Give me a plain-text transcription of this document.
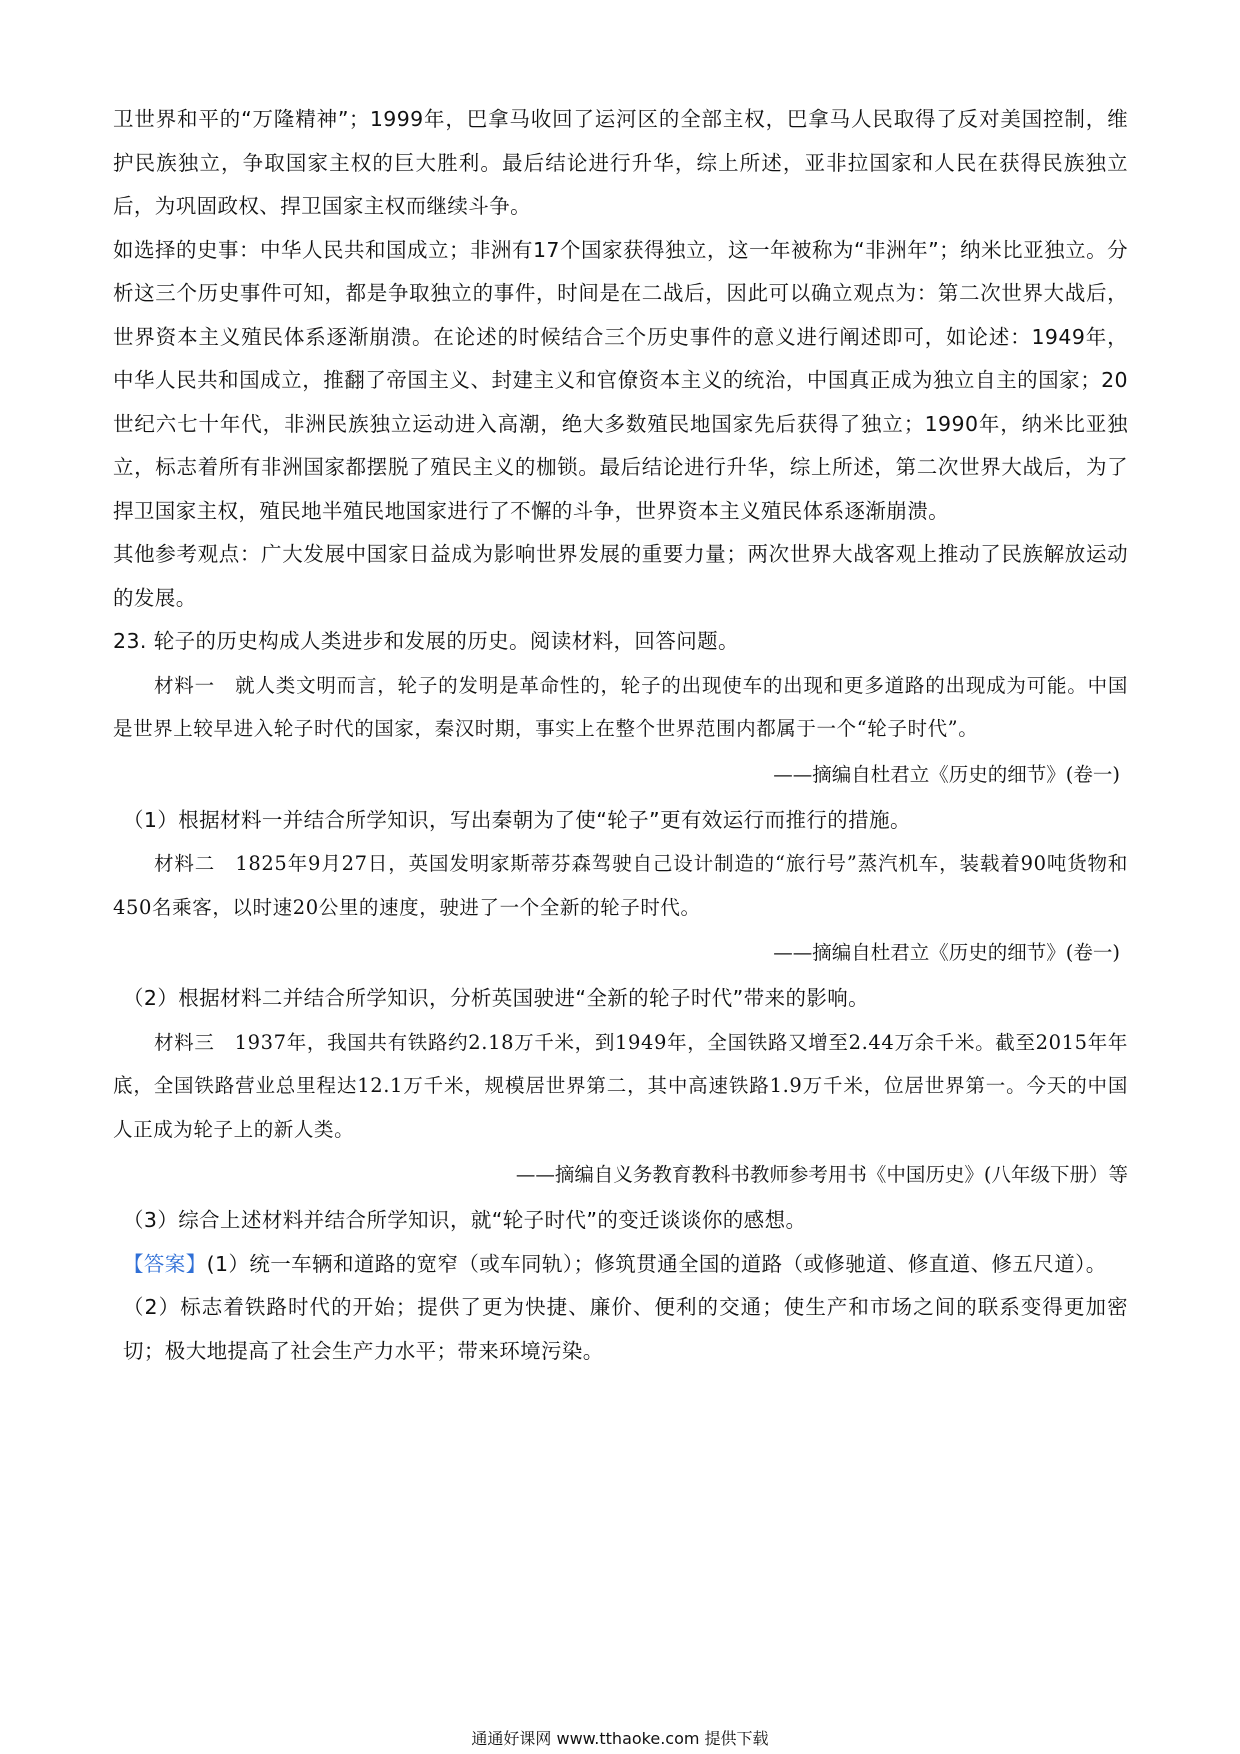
卫世界和平的“万隆精神”；1999年，巴拿马收回了运河区的全部主权，巴拿马人民取得了反对美国控制，维护民族独立，争取国家主权的巨大胜利。最后结论进行升华，综上所述，亚非拉国家和人民在获得民族独立后，为巩固政权、捍卫国家主权而继续斗争。

如选择的史事：中华人民共和国成立；非洲有17个国家获得独立，这一年被称为“非洲年”；纳米比亚独立。分析这三个历史事件可知，都是争取独立的事件，时间是在二战后，因此可以确立观点为：第二次世界大战后，世界资本主义殖民体系逐渐崩溃。在论述的时候结合三个历史事件的意义进行阐述即可，如论述：1949年，中华人民共和国成立，推翻了帝国主义、封建主义和官僚资本主义的统治，中国真正成为独立自主的国家；20世纪六七十年代，非洲民族独立运动进入高潮，绝大多数殖民地国家先后获得了独立；1990年，纳米比亚独立，标志着所有非洲国家都摆脱了殖民主义的枷锁。最后结论进行升华，综上所述，第二次世界大战后，为了捍卫国家主权，殖民地半殖民地国家进行了不懈的斗争，世界资本主义殖民体系逐渐崩溃。

其他参考观点：广大发展中国家日益成为影响世界发展的重要力量；两次世界大战客观上推动了民族解放运动的发展。

23. 轮子的历史构成人类进步和发展的历史。阅读材料，回答问题。

材料一　就人类文明而言，轮子的发明是革命性的，轮子的出现使车的出现和更多道路的出现成为可能。中国是世界上较早进入轮子时代的国家，秦汉时期，事实上在整个世界范围内都属于一个“轮子时代”。

——摘编自杜君立《历史的细节》(卷一)

（1）根据材料一并结合所学知识，写出秦朝为了使“轮子”更有效运行而推行的措施。

材料二　1825年9月27日，英国发明家斯蒂芬森驾驶自己设计制造的“旅行号”蒸汽机车，装载着90吨货物和450名乘客，以时速20公里的速度，驶进了一个全新的轮子时代。

——摘编自杜君立《历史的细节》(卷一)

（2）根据材料二并结合所学知识，分析英国驶进“全新的轮子时代”带来的影响。

材料三　1937年，我国共有铁路约2.18万千米，到1949年，全国铁路又增至2.44万余千米。截至2015年年底，全国铁路营业总里程达12.1万千米，规模居世界第二，其中高速铁路1.9万千米，位居世界第一。今天的中国人正成为轮子上的新人类。

——摘编自义务教育教科书教师参考用书《中国历史》(八年级下册）等

（3）综合上述材料并结合所学知识，就“轮子时代”的变迁谈谈你的感想。

【答案】(1）统一车辆和道路的宽窄（或车同轨）；修筑贯通全国的道路（或修驰道、修直道、修五尺道）。

（2）标志着铁路时代的开始；提供了更为快捷、廉价、便利的交通；使生产和市场之间的联系变得更加密切；极大地提高了社会生产力水平；带来环境污染。

通通好课网 www.tthaoke.com 提供下载
